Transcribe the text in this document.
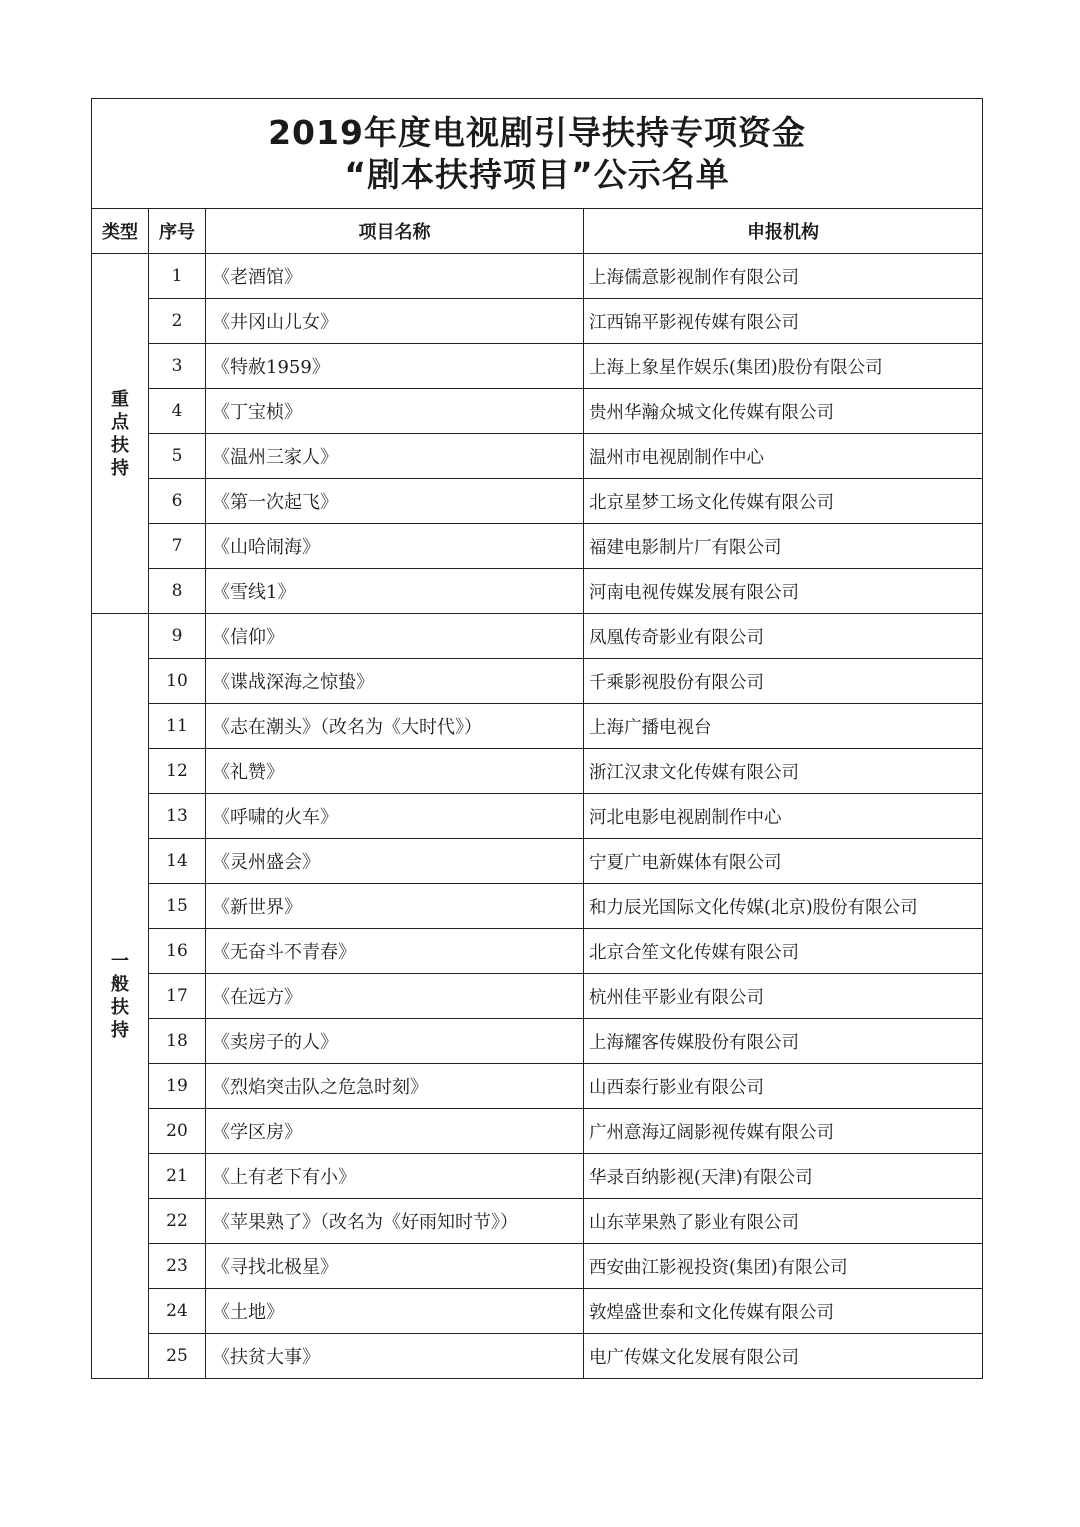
2019年度电视剧引导扶持专项资金
“剧本扶持项目”公示名单			

类型	序号	项目名称	申报机构
重点扶持	1	《老酒馆》	上海儒意影视制作有限公司
	2	《井冈山儿女》	江西锦平影视传媒有限公司
	3	《特赦1959》	上海上象星作娱乐(集团)股份有限公司
	4	《丁宝桢》	贵州华瀚众城文化传媒有限公司
	5	《温州三家人》	温州市电视剧制作中心
	6	《第一次起飞》	北京星梦工场文化传媒有限公司
	7	《山哈闹海》	福建电影制片厂有限公司
	8	《雪线1》	河南电视传媒发展有限公司
一般扶持	9	《信仰》	凤凰传奇影业有限公司
	10	《谍战深海之惊蛰》	千乘影视股份有限公司
	11	《志在潮头》（改名为《大时代》）	上海广播电视台
	12	《礼赞》	浙江汉隶文化传媒有限公司
	13	《呼啸的火车》	河北电影电视剧制作中心
	14	《灵州盛会》	宁夏广电新媒体有限公司
	15	《新世界》	和力辰光国际文化传媒(北京)股份有限公司
	16	《无奋斗不青春》	北京合笙文化传媒有限公司
	17	《在远方》	杭州佳平影业有限公司
	18	《卖房子的人》	上海耀客传媒股份有限公司
	19	《烈焰突击队之危急时刻》	山西泰行影业有限公司
	20	《学区房》	广州意海辽阔影视传媒有限公司
	21	《上有老下有小》	华录百纳影视(天津)有限公司
	22	《苹果熟了》（改名为《好雨知时节》）	山东苹果熟了影业有限公司
	23	《寻找北极星》	西安曲江影视投资(集团)有限公司
	24	《土地》	敦煌盛世泰和文化传媒有限公司
	25	《扶贫大事》	电广传媒文化发展有限公司
